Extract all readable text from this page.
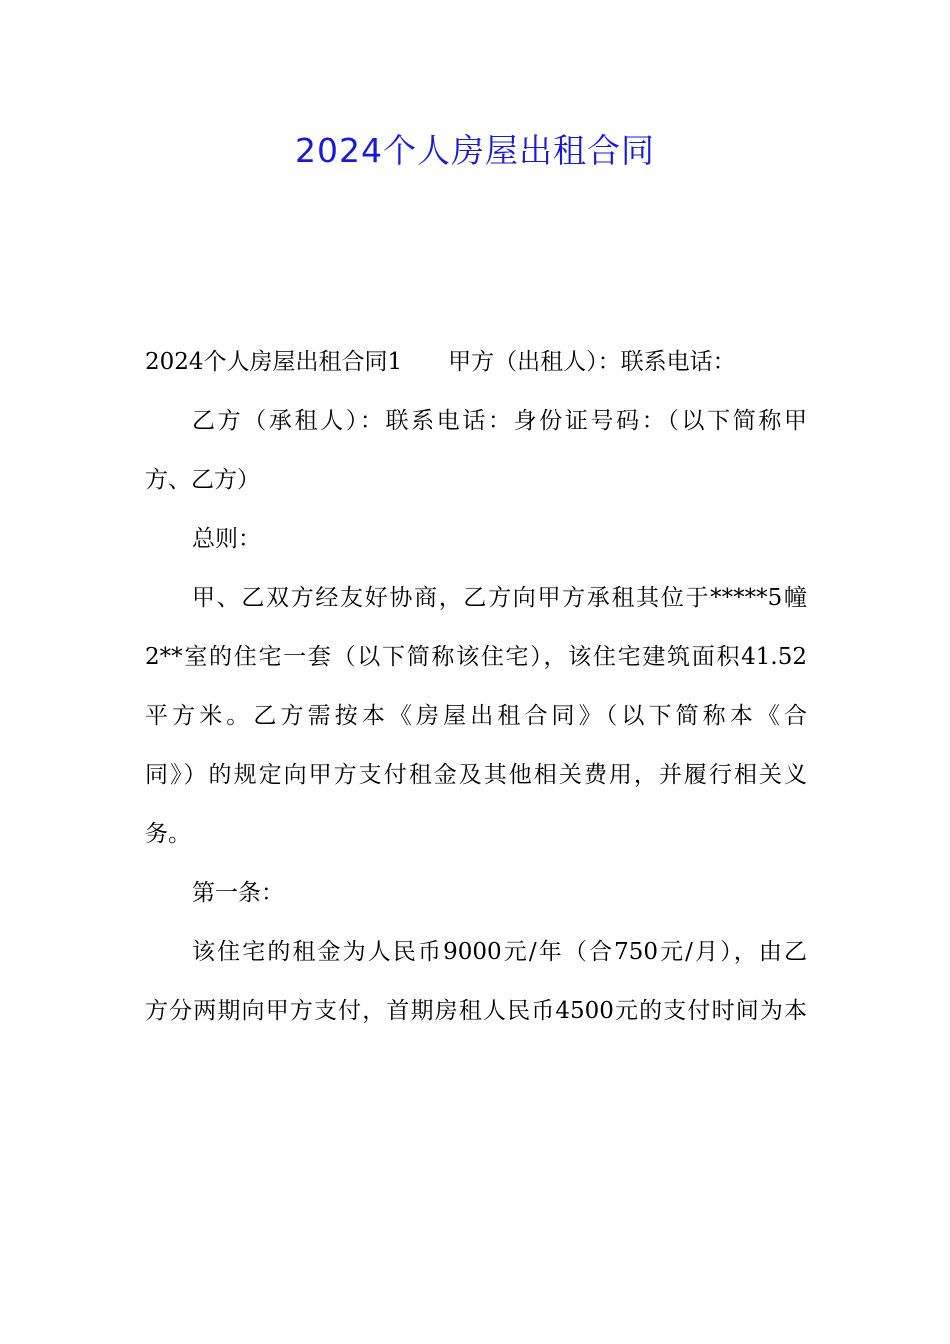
2024个人房屋出租合同
2024个人房屋出租合同1　　甲方（出租人）：联系电话：
乙方（承租人）：联系电话：身份证号码：（以下简称甲
方、乙方）
总则：
甲、乙双方经友好协商，乙方向甲方承租其位于*****5幢
2**室的住宅一套（以下简称该住宅），该住宅建筑面积41.52
平方米。乙方需按本《房屋出租合同》（以下简称本《合
同》）的规定向甲方支付租金及其他相关费用，并履行相关义
务。
第一条：
该住宅的租金为人民币9000元/年（合750元/月），由乙
方分两期向甲方支付，首期房租人民币4500元的支付时间为本
